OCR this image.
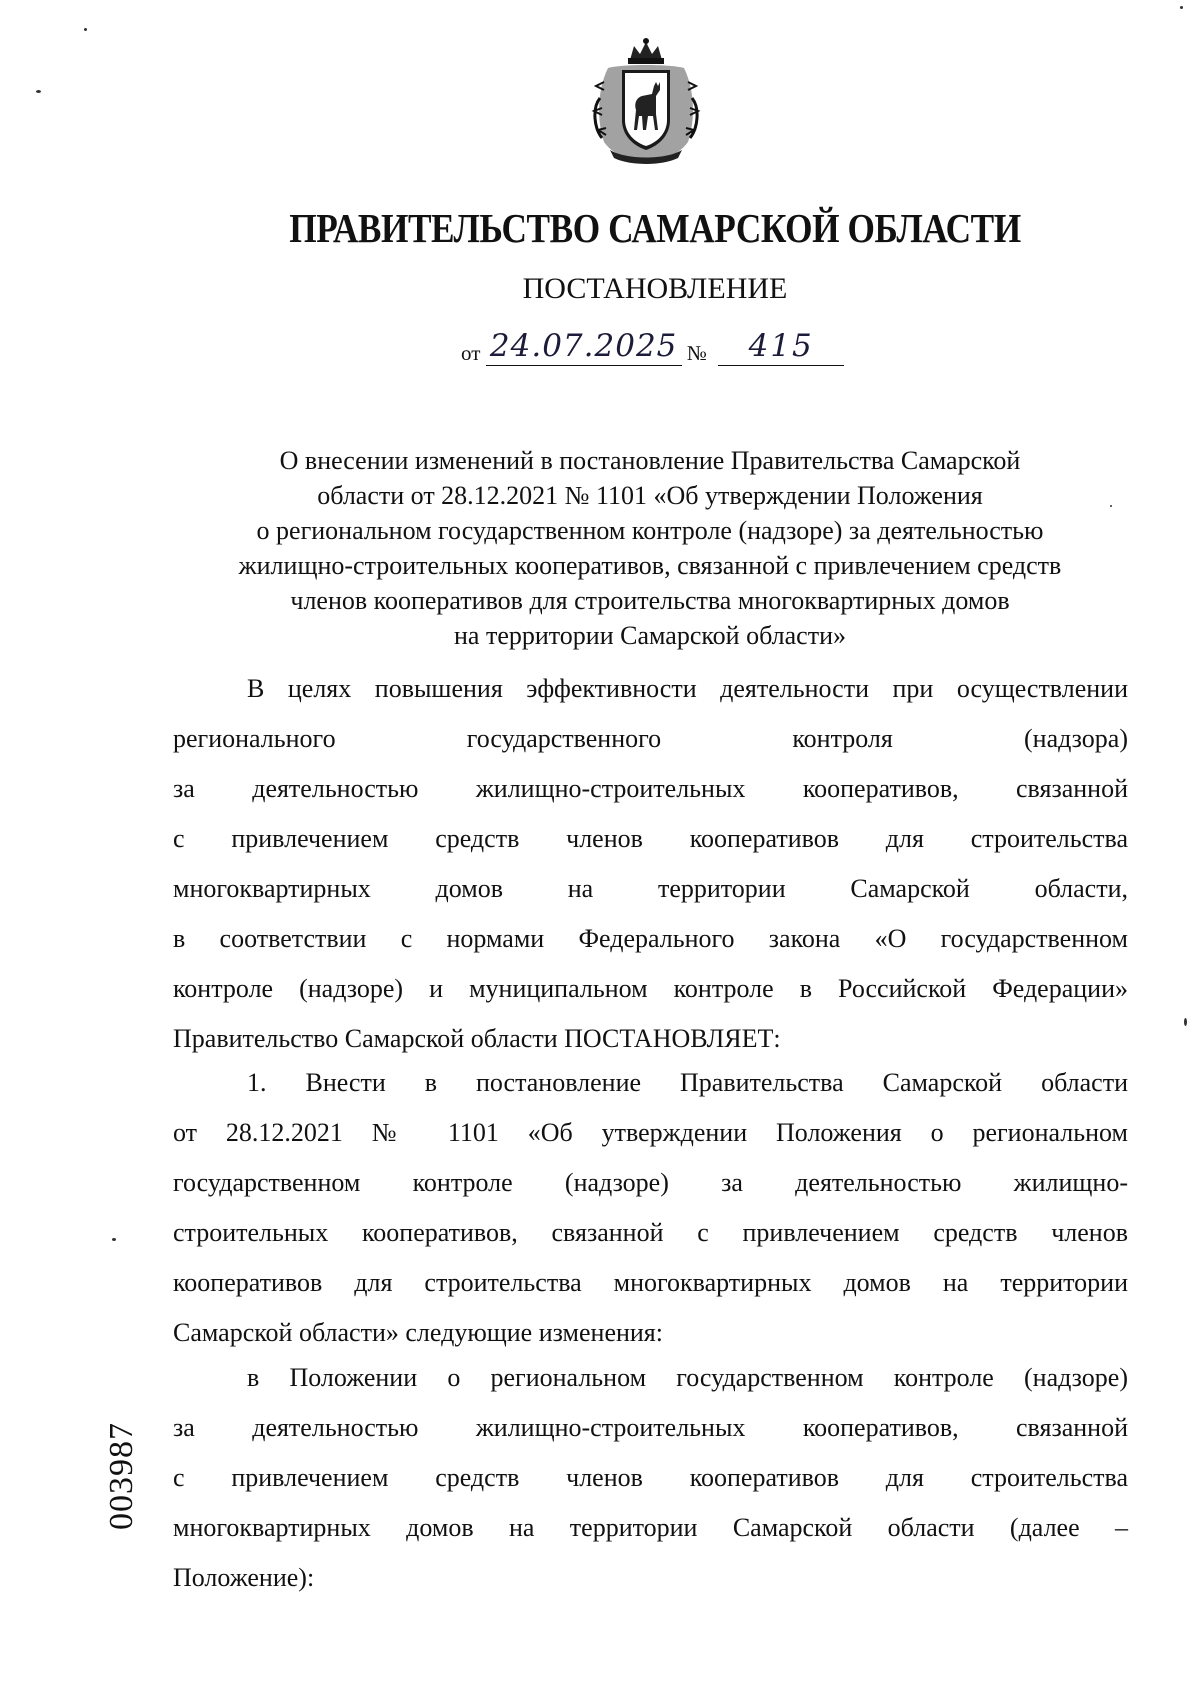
ПРАВИТЕЛЬСТВО САМАРСКОЙ ОБЛАСТИ
ПОСТАНОВЛЕНИЕ
от 24.07.2025 № 415
О внесении изменений в постановление Правительства Самарской
области от 28.12.2021 № 1101 «Об утверждении Положения
о региональном государственном контроле (надзоре) за деятельностью
жилищно-строительных кооперативов, связанной с привлечением средств
членов кооперативов для строительства многоквартирных домов
на территории Самарской области»
В целях повышения эффективности деятельности при осуществлении
регионального государственного контроля (надзора)
за деятельностью жилищно-строительных кооперативов, связанной
с привлечением средств членов кооперативов для строительства
многоквартирных домов на территории Самарской области,
в соответствии с нормами Федерального закона «О государственном
контроле (надзоре) и муниципальном контроле в Российской Федерации»
Правительство Самарской области ПОСТАНОВЛЯЕТ:
1. Внести в постановление Правительства Самарской области
от 28.12.2021 № 1101 «Об утверждении Положения о региональном
государственном контроле (надзоре) за деятельностью жилищно-
строительных кооперативов, связанной с привлечением средств членов
кооперативов для строительства многоквартирных домов на территории
Самарской области» следующие изменения:
в Положении о региональном государственном контроле (надзоре)
за деятельностью жилищно-строительных кооперативов, связанной
с привлечением средств членов кооперативов для строительства
многоквартирных домов на территории Самарской области (далее –
Положение):
003987
